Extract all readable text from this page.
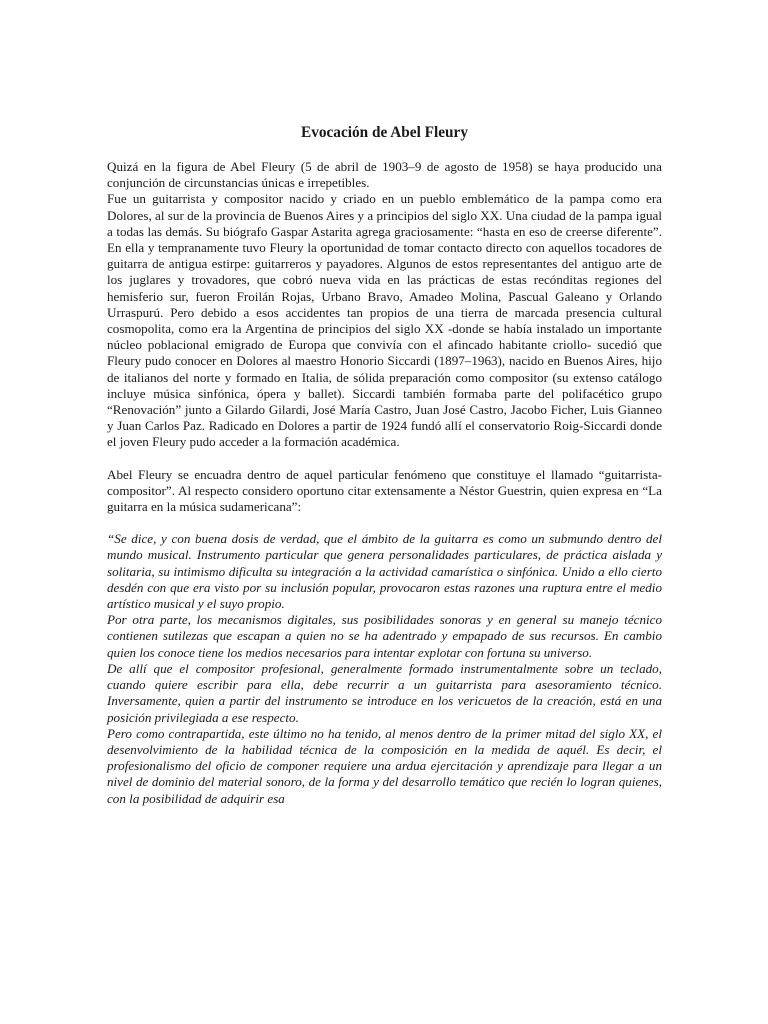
Evocación de Abel Fleury

Quizá en la figura de Abel Fleury (5 de abril de 1903–9 de agosto de 1958) se haya producido una conjunción de circunstancias únicas e irrepetibles.

Fue un guitarrista y compositor nacido y criado en un pueblo emblemático de la pampa como era Dolores, al sur de la provincia de Buenos Aires y a principios del siglo XX. Una ciudad de la pampa igual a todas las demás. Su biógrafo Gaspar Astarita agrega graciosamente: “hasta en eso de creerse diferente”. En ella y tempranamente tuvo Fleury la oportunidad de tomar contacto directo con aquellos tocadores de guitarra de antigua estirpe: guitarreros y payadores. Algunos de estos representantes del antiguo arte de los juglares y trovadores, que cobró nueva vida en las prácticas de estas recónditas regiones del hemisferio sur, fueron Froilán Rojas, Urbano Bravo, Amadeo Molina, Pascual Galeano y Orlando Urraspurú. Pero debido a esos accidentes tan propios de una tierra de marcada presencia cultural cosmopolita, como era la Argentina de principios del siglo XX -donde se había instalado un importante núcleo poblacional emigrado de Europa que convivía con el afincado habitante criollo- sucedió que Fleury pudo conocer en Dolores al maestro Honorio Siccardi (1897–1963), nacido en Buenos Aires, hijo de italianos del norte y formado en Italia, de sólida preparación como compositor (su extenso catálogo incluye música sinfónica, ópera y ballet). Siccardi también formaba parte del polifacético grupo “Renovación” junto a Gilardo Gilardi, José María Castro, Juan José Castro, Jacobo Ficher, Luis Gianneo y Juan Carlos Paz. Radicado en Dolores a partir de 1924 fundó allí el conservatorio Roig-Siccardi donde el joven Fleury pudo acceder a la formación académica.

Abel Fleury se encuadra dentro de aquel particular fenómeno que constituye el llamado “guitarrista-compositor”. Al respecto considero oportuno citar extensamente a Néstor Guestrin, quien expresa en “La guitarra en la música sudamericana”:

“Se dice, y con buena dosis de verdad, que el ámbito de la guitarra es como un submundo dentro del mundo musical. Instrumento particular que genera personalidades particulares, de práctica aislada y solitaria, su intimismo dificulta su integración a la actividad camarística o sinfónica. Unido a ello cierto desdén con que era visto por su inclusión popular, provocaron estas razones una ruptura entre el medio artístico musical y el suyo propio.

Por otra parte, los mecanismos digitales, sus posibilidades sonoras y en general su manejo técnico contienen sutilezas que escapan a quien no se ha adentrado y empapado de sus recursos. En cambio quien los conoce tiene los medios necesarios para intentar explotar con fortuna su universo.

De allí que el compositor profesional, generalmente formado instrumentalmente sobre un teclado, cuando quiere escribir para ella, debe recurrir a un guitarrista para asesoramiento técnico. Inversamente, quien a partir del instrumento se introduce en los vericuetos de la creación, está en una posición privilegiada a ese respecto.

Pero como contrapartida, este último no ha tenido, al menos dentro de la primer mitad del siglo XX, el desenvolvimiento de la habilidad técnica de la composición en la medida de aquél. Es decir, el profesionalismo del oficio de componer requiere una ardua ejercitación y aprendizaje para llegar a un nivel de dominio del material sonoro, de la forma y del desarrollo temático que recién lo logran quienes, con la posibilidad de adquirir esa
